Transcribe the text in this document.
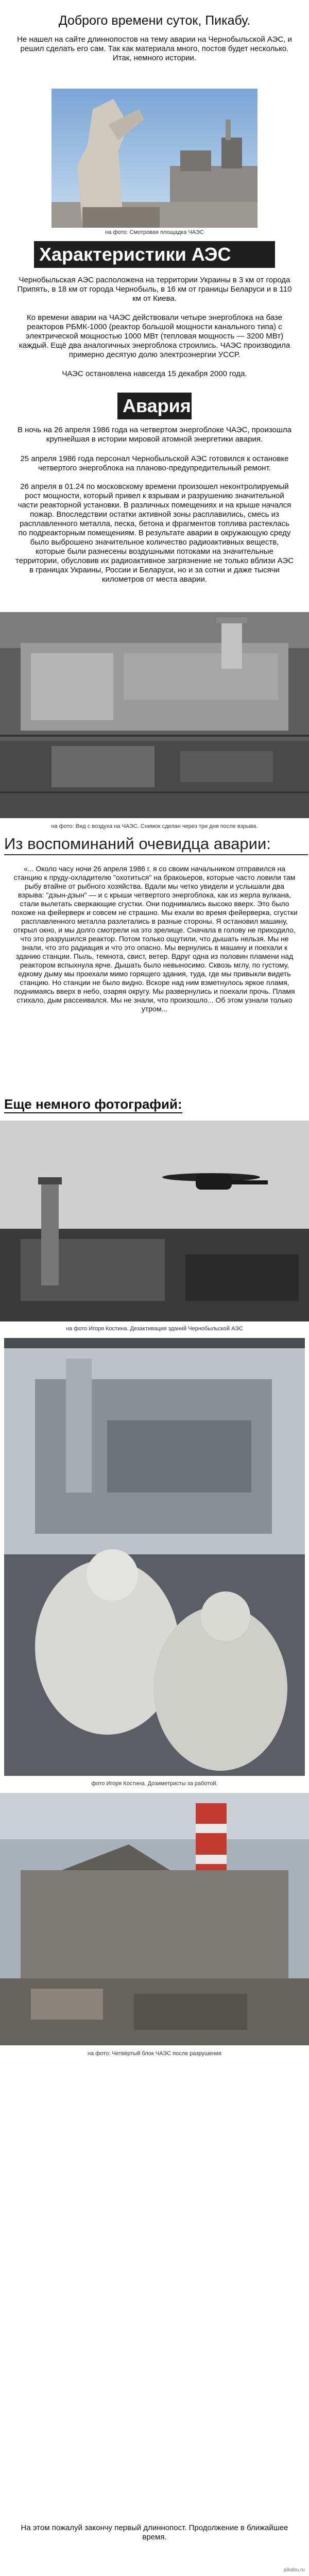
Доброго времени суток, Пикабу.
Не нашел на сайте длиннопостов на тему аварии на Чернобыльской АЭС, и решил сделать его сам. Так как материала много, постов будет несколько. Итак, немного истории.
на фото: Смотровая площадка ЧАЭС
Характеристики АЭС
Чернобыльская АЭС расположена на территории Украины в 3 км от города Припять, в 18 км от города Чернобыль, в 16 км от границы Беларуси и в 110 км от Киева.
Ко времени аварии на ЧАЭС действовали четыре энергоблока на базе реакторов РБМК-1000 (реактор большой мощности канального типа) с электрической мощностью 1000 МВт (тепловая мощность — 3200 МВт) каждый. Ещё два аналогичных энергоблока строились. ЧАЭС производила примерно десятую долю электроэнергии УССР.
ЧАЭС остановлена навсегда 15 декабря 2000 года.
Авария
В ночь на 26 апреля 1986 года на четвертом энергоблоке ЧАЭС, произошла крупнейшая в истории мировой атомной энергетики авария.
25 апреля 1986 года персонал Чернобыльской АЭС готовился к остановке четвертого энергоблока на планово-предупредительный ремонт.
26 апреля в 01.24 по московскому времени произошел неконтролируемый рост мощности, который привел к взрывам и разрушению значительной части реакторной установки. В различных помещениях и на крыше начался пожар. Впоследствии остатки активной зоны расплавились, смесь из расплавленного металла, песка, бетона и фрагментов топлива растеклась по подреакторным помещениям. В результате аварии в окружающую среду было выброшено значительное количество радиоактивных веществ, которые были разнесены воздушными потоками на значительные территории, обусловив их радиоактивное загрязнение не только вблизи АЭС в границах Украины, России и Беларуси, но и за сотни и даже тысячи километров от места аварии.
на фото: Вид с воздуха на ЧАЭС. Снимок сделан через три дня после взрыва.
Из воспоминаний очевидца аварии:
«... Около часу ночи 26 апреля 1986 г. я со своим начальником отправился на станцию к пруду-охладителю "охотиться" на бракоьеров, которые часто ловили там рыбу втайне от рыбного хозяйства. Вдали мы четко увидели и услышали два взрыва: "дзын-дзын" — и с крыши четвертого энергоблока, как из жерла вулкана, стали вылетать сверкающие сгустки. Они поднимались высоко вверх. Это было похоже на фейерверк и совсем не страшно. Мы ехали во время фейерверка, сгустки расплавленного металла разлетались в разные стороны. Я остановил машину, открыл окно, и мы долго смотрели на это зрелище. Сначала в голову не приходило, что это разрушился реактор. Потом только ощутили, что дышать нельзя. Мы не знали, что это радиация и что это опасно. Мы вернулись в машину и поехали к зданию станции. Пыль, темнота, свист, ветер. Вдруг одна из половин пламени над реактором вспыхнула ярче. Дышать было невыносимо. Сквозь мглу, по густому, едкому дыму мы проехали мимо горящего здания, туда, где мы привыкли видеть станцию. Но станции не было видно. Вскоре над ним взметнулось яркое пламя, поднимаясь вверх в небо, озаряя округу. Мы развернулись и поехали прочь. Пламя стихало, дым рассеивался. Мы не знали, что произошло... Об этом узнали только утром...
Еще немного фотографий:
на фото Игоря Костина. Дезактивация зданий Чернобыльской АЭС
фото Игоря Костина. Дозиметристы за работой.
на фото: Четвёртый блок ЧАЭС после разрушения
На этом пожалуй закончу первый длиннопост. Продолжение в ближайшее время.
pikabu.ru
